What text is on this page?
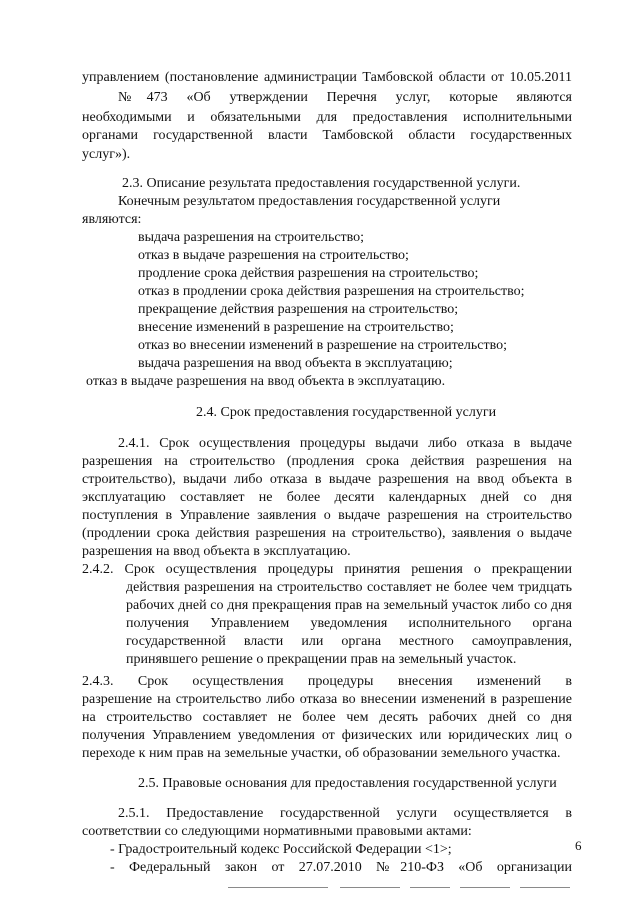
управлением (постановление администрации Тамбовской области от 10.05.2011
№473 «Об утверждении Перечня услуг, которые являются
необходимыми и обязательными для предоставления исполнительными
органами государственной власти Тамбовской области государственных
услуг»).
2.3. Описание результата предоставления государственной услуги.
Конечным результатом предоставления государственной услуги
являются:
выдача разрешения на строительство;
отказ в выдаче разрешения на строительство;
продление срока действия разрешения на строительство;
отказ в продлении срока действия разрешения на строительство;
прекращение действия разрешения на строительство;
внесение изменений в разрешение на строительство;
отказ во внесении изменений в разрешение на строительство;
выдача разрешения на ввод объекта в эксплуатацию;
отказ в выдаче разрешения на ввод объекта в эксплуатацию.
2.4. Срок предоставления государственной услуги
2.4.1. Срок осуществления процедуры выдачи либо отказа в выдаче
разрешения на строительство (продления срока действия разрешения на
строительство), выдачи либо отказа в выдаче разрешения на ввод объекта в
эксплуатацию составляет не более десяти календарных дней со дня
поступления в Управление заявления о выдаче разрешения на строительство
(продлении срока действия разрешения на строительство), заявления о выдаче
разрешения на ввод объекта в эксплуатацию.
2.4.2. Срок осуществления процедуры принятия решения о прекращении
действия разрешения на строительство составляет не более чем тридцать
рабочих дней со дня прекращения прав на земельный участок либо со дня
получения Управлением уведомления исполнительного органа
государственной власти или органа местного самоуправления,
принявшего решение о прекращении прав на земельный участок.
2.4.3. Срок осуществления процедуры внесения изменений в
разрешение на строительство либо отказа во внесении изменений в разрешение
на строительство составляет не более чем десять рабочих дней со дня
получения Управлением уведомления от физических или юридических лиц о
переходе к ним прав на земельные участки, об образовании земельного участка.
2.5. Правовые основания для предоставления государственной услуги
2.5.1. Предоставление государственной услуги осуществляется в
соответствии со следующими нормативными правовыми актами:
- Градостроительный кодекс Российской Федерации <1>;
- Федеральный закон от 27.07.2010 №210-ФЗ «Об организации
6
